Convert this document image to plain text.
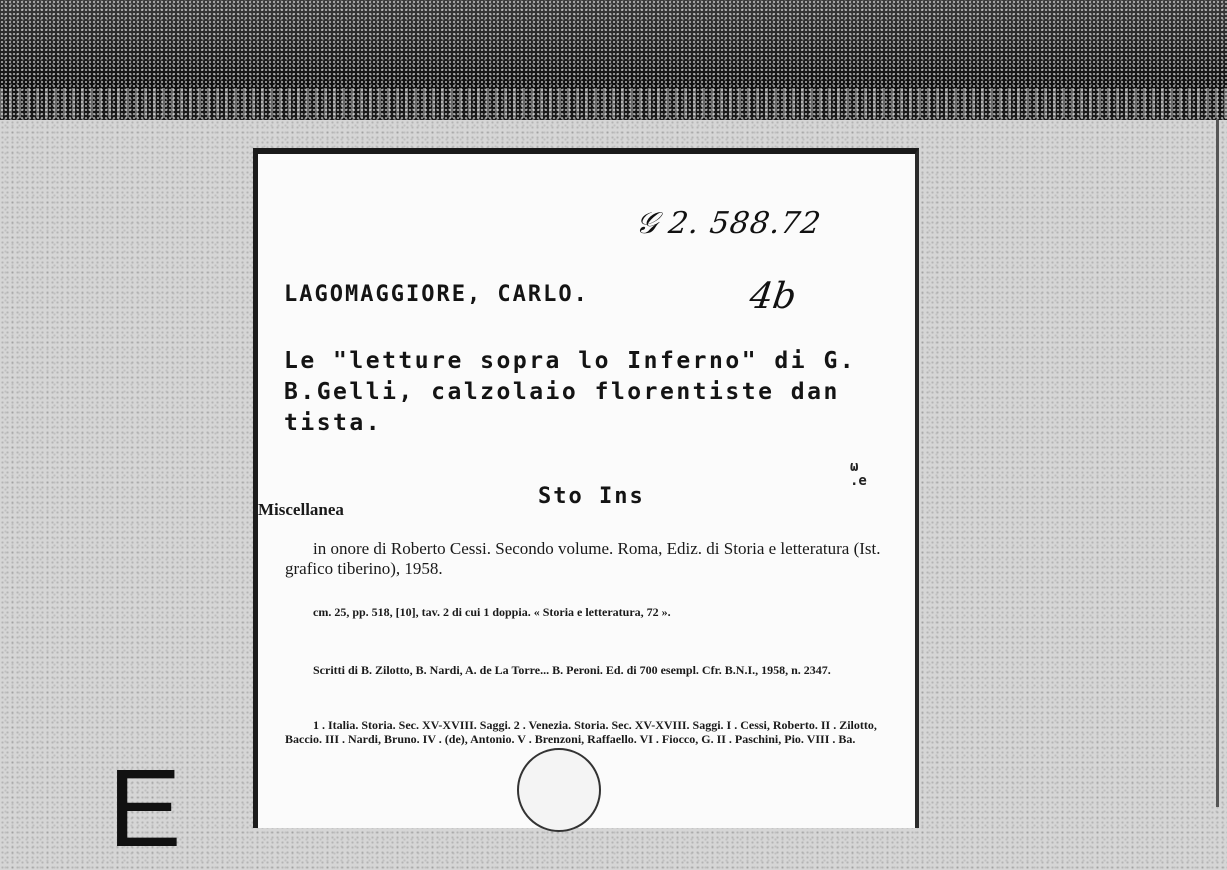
𝒢 2. 588.72
4b
LAGOMAGGIORE, CARLO.
Le "letture sopra lo Inferno" di G.
B.Gelli, calzolaio florentiste dan
tista.
Sto Ins
ω
.e
Miscellanea
in onore di Roberto Cessi. Secondo volume. Roma, Ediz. di Storia e letteratura (Ist. grafico tiberino), 1958.
cm. 25, pp. 518, [10], tav. 2 di cui 1 doppia. « Storia e letteratura, 72 ».
Scritti di B. Zilotto, B. Nardi, A. de La Torre... B. Peroni. Ed. di 700 esempl. Cfr. B.N.I., 1958, n. 2347.
1 . Italia. Storia. Sec. XV-XVIII. Saggi. 2 . Venezia. Storia. Sec. XV-XVIII. Saggi. I . Cessi, Roberto. II . Zilotto, Baccio. III . Nardi, Bruno. IV . (de), Antonio. V . Brenzoni, Raffaello. VI . Fiocco, G. II . Paschini, Pio. VIII . Ba.
E
